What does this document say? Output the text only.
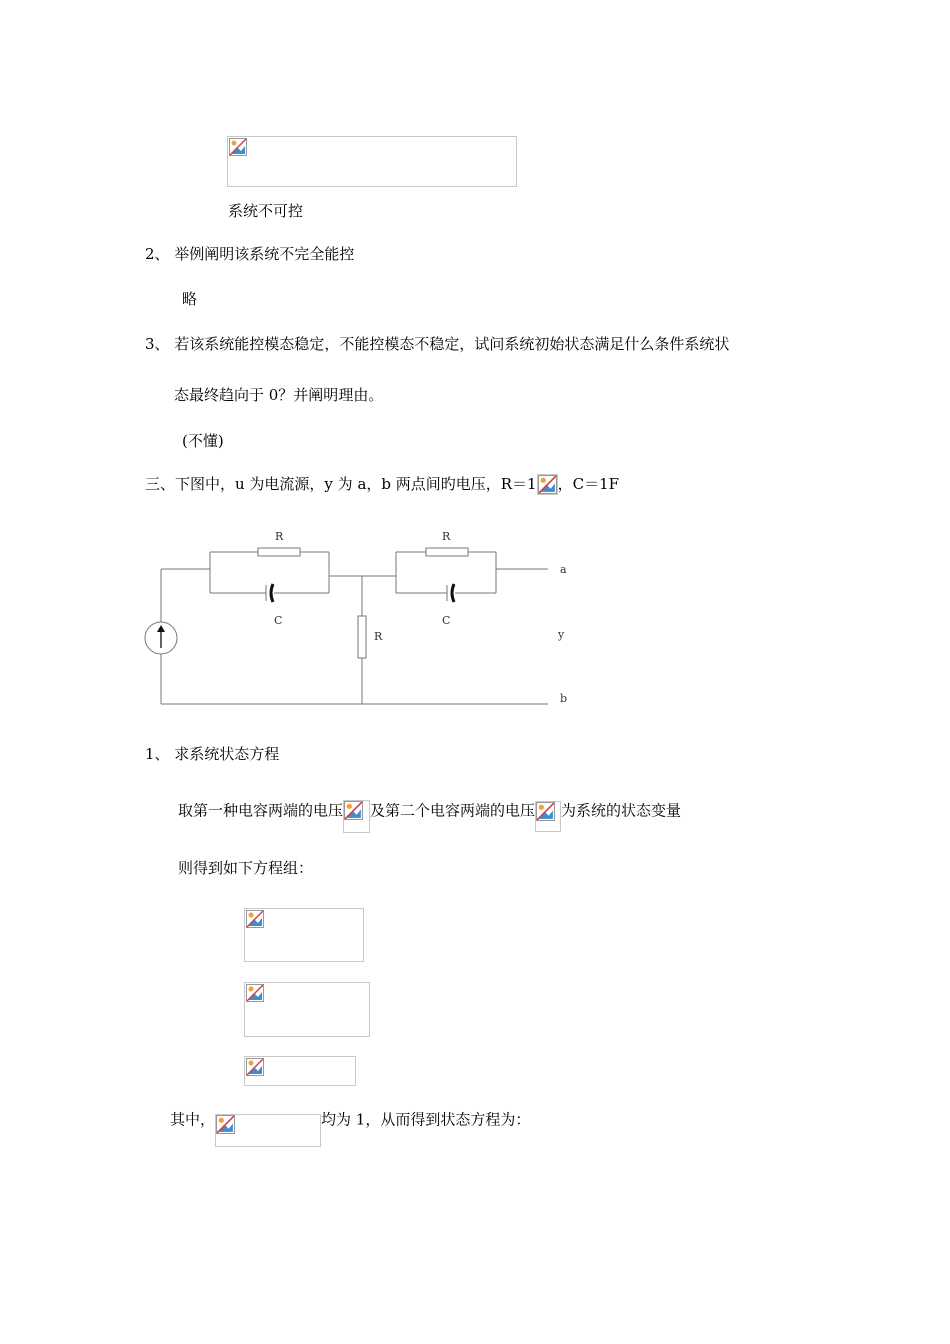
系统不可控
2、 举例阐明该系统不完全能控
略
3、 若该系统能控模态稳定，不能控模态不稳定，试问系统初始状态满足什么条件系统状
态最终趋向于 0？并阐明理由。
(不懂)
三、下图中，u 为电流源，y 为 a，b 两点间旳电压，R＝1 ，C＝1F
R	R
C	C
R
a
y
b
1、 求系统状态方程
取第一种电容两端的电压 及第二个电容两端的电压 为系统的状态变量
则得到如下方程组：
其中，	均为 1，从而得到状态方程为：
